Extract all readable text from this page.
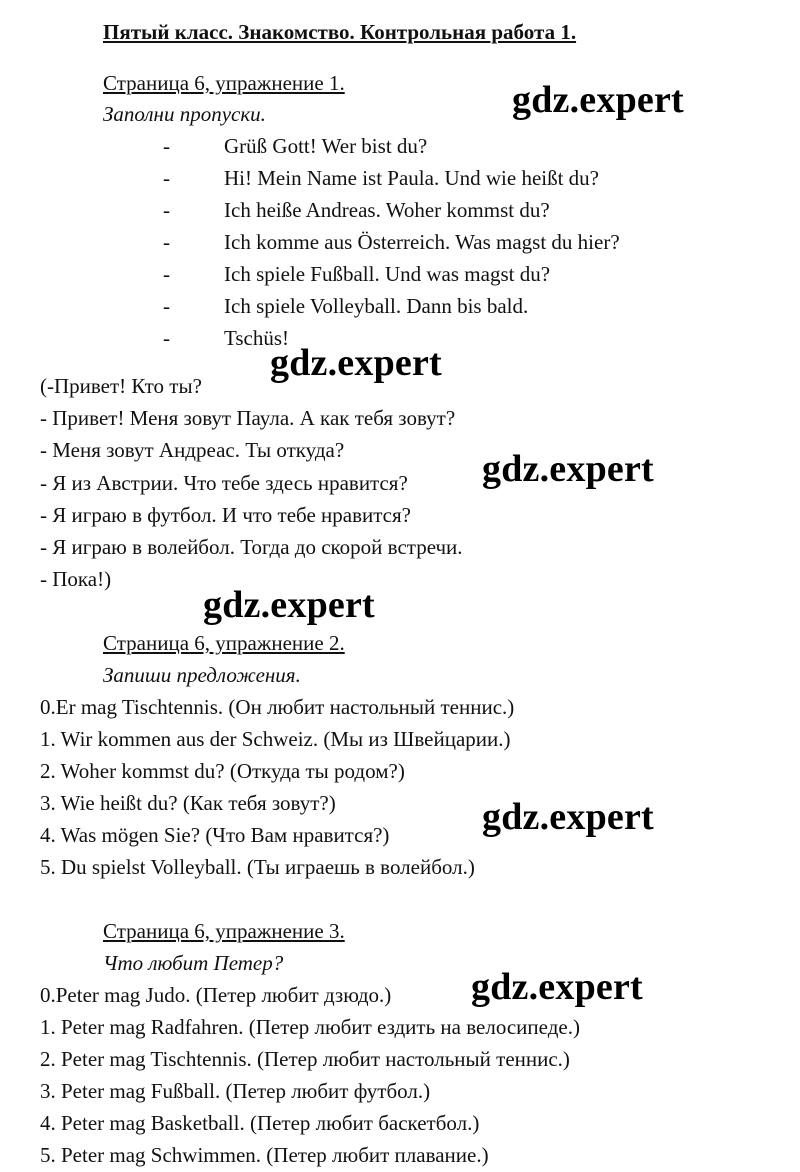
Пятый класс. Знакомство. Контрольная работа 1.
Страница 6, упражнение 1.
Заполни пропуски.
-	Grüß Gott! Wer bist du?
-	Hi! Mein Name ist Paula. Und wie heißt du?
-	Ich heiße Andreas. Woher kommst du?
-	Ich komme aus Österreich. Was magst du hier?
-	Ich spiele Fußball. Und was magst du?
-	Ich spiele Volleyball. Dann bis bald.
-	Tschüs!
(-Привет! Кто ты?
- Привет! Меня зовут Паула. А как тебя зовут?
- Меня зовут Андреас. Ты откуда?
- Я из Австрии. Что тебе здесь нравится?
- Я играю в футбол. И что тебе нравится?
- Я играю в волейбол. Тогда до скорой встречи.
- Пока!)
Страница 6, упражнение 2.
Запиши предложения.
0.Er mag Tischtennis. (Он любит настольный теннис.)
1. Wir kommen aus der Schweiz. (Мы из Швейцарии.)
2. Woher kommst du? (Откуда ты родом?)
3. Wie heißt du? (Как тебя зовут?)
4. Was mögen Sie? (Что Вам нравится?)
5. Du spielst Volleyball. (Ты играешь в волейбол.)
Страница 6, упражнение 3.
Что любит Петер?
0.Peter mag Judo. (Петер любит дзюдо.)
1. Peter mag Radfahren. (Петер любит ездить на велосипеде.)
2. Peter mag Tischtennis. (Петер любит настольный теннис.)
3. Peter mag Fußball. (Петер любит футбол.)
4. Peter mag Basketball. (Петер любит баскетбол.)
5. Peter mag Schwimmen. (Петер любит плавание.)
gdz.expert
gdz.expert
gdz.expert
gdz.expert
gdz.expert
gdz.expert
